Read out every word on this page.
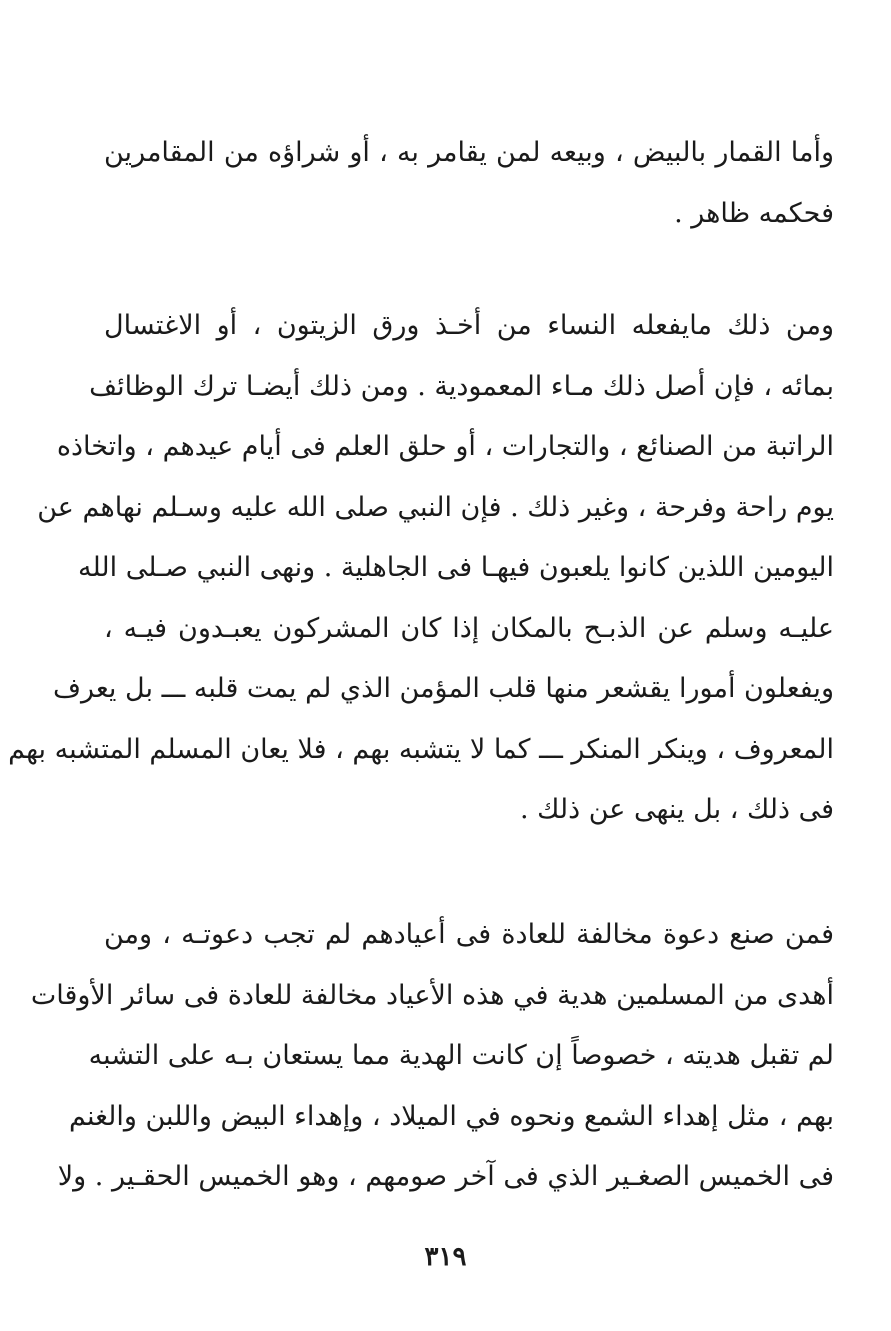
وأما القمار بالبيض ، وبيعه لمن يقامر به ، أو شراؤه من المقامرين
فحكمه ظاهر .
ومن ذلك مايفعله النساء من أخـذ ورق الزيتون ، أو الاغتسال
بمائه ، فإن أصل ذلك مـاء المعمودية . ومن ذلك أيضـا ترك الوظائف
الراتبة من الصنائع ، والتجارات ، أو حلق العلم فى أيام عيدهم ، واتخاذه
يوم راحة وفرحة ، وغير ذلك . فإن النبي صلى الله عليه وسـلم نهاهم عن
اليومين اللذين كانوا يلعبون فيهـا فى الجاهلية . ونهى النبي صـلى الله
عليـه وسلم عن الذبـح بالمكان إذا كان المشركون يعبـدون فيـه ،
ويفعلون أمورا يقشعر منها قلب المؤمن الذي لم يمت قلبه ـــ بل يعرف
المعروف ، وينكر المنكر ـــ كما لا يتشبه بهم ، فلا يعان المسلم المتشبه بهم
فى ذلك ، بل ينهى عن ذلك .
فمن صنع دعوة مخالفة للعادة فى أعيادهم لم تجب دعوتـه ، ومن
أهدى من المسلمين هدية في هذه الأعياد مخالفة للعادة فى سائر الأوقات
لم تقبل هديته ، خصوصاً إن كانت الهدية مما يستعان بـه على التشبه
بهم ، مثل إهداء الشمع ونحوه في الميلاد ، وإهداء البيض واللبن والغنم
فى الخميس الصغـير الذي فى آخر صومهم ، وهو الخميس الحقـير . ولا
٣١٩
